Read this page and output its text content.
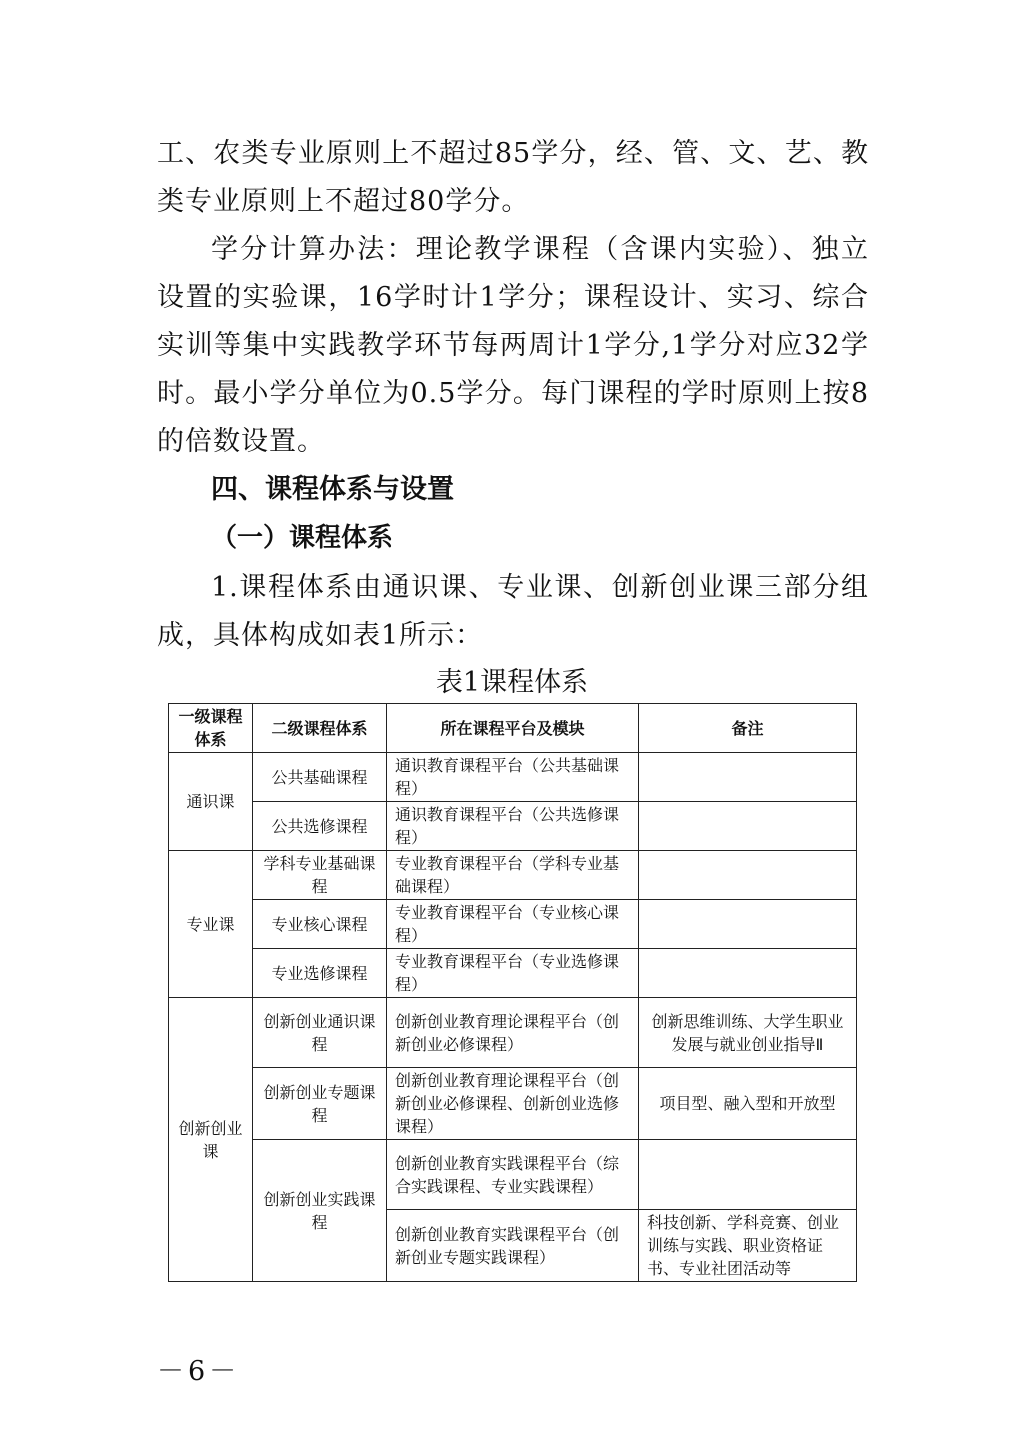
工、农类专业原则上不超过85学分，经、管、文、艺、教
类专业原则上不超过80学分。

学分计算办法：理论教学课程（含课内实验）、独立设置的实验课，16学时计1学分；课程设计、实习、综合实训等集中实践教学环节每两周计1学分,1学分对应32学时。最小学分单位为0.5学分。每门课程的学时原则上按8的倍数设置。

四、课程体系与设置
（一）课程体系

1.课程体系由通识课、专业课、创新创业课三部分组成，具体构成如表1所示：

表1课程体系
一级课程体系	二级课程体系	所在课程平台及模块	备注
通识课	公共基础课程	通识教育课程平台（公共基础课程）	
	公共选修课程	通识教育课程平台（公共选修课程）	
专业课	学科专业基础课程	专业教育课程平台（学科专业基础课程）	
	专业核心课程	专业教育课程平台（专业核心课程）	
	专业选修课程	专业教育课程平台（专业选修课程）	
创新创业课	创新创业通识课程	创新创业教育理论课程平台（创新创业必修课程）	创新思维训练、大学生职业发展与就业创业指导Ⅱ
	创新创业专题课程	创新创业教育理论课程平台（创新创业必修课程、创新创业选修课程）	项目型、融入型和开放型
	创新创业实践课程	创新创业教育实践课程平台（综合实践课程、专业实践课程）	
		创新创业教育实践课程平台（创新创业专题实践课程）	科技创新、学科竞赛、创业训练与实践、职业资格证书、专业社团活动等
－6－
